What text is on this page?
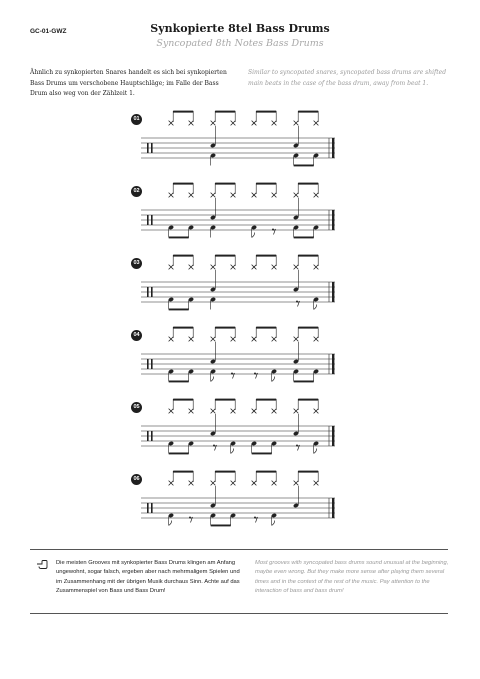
GC-01-GWZ	Synkopierte 8tel Bass Drums
Syncopated 8th Notes Bass Drums
Ähnlich zu synkopierten Snares handelt es sich bei synkopierten Bass Drums um verschobene Hauptschläge; im Falle der Bass Drum also weg von der Zählzeit 1.
Similar to syncopated snares, syncopated bass drums are shifted main beats in the case of the bass drum, away from beat 1.
01
02
03
04
05
06
Die meisten Grooves mit synkopierter Bass Drums klingen am Anfang ungewohnt, sogar falsch, ergeben aber nach mehrmaligem Spielen und im Zusammenhang mit der übrigen Musik durchaus Sinn. Achte auf das Zusammenspiel von Bass und Bass Drum!
Most grooves with syncopated bass drums sound unusual at the beginning, maybe even wrong. But they make more sense after playing them several times and in the context of the rest of the music. Pay attention to the interaction of bass and bass drum!
